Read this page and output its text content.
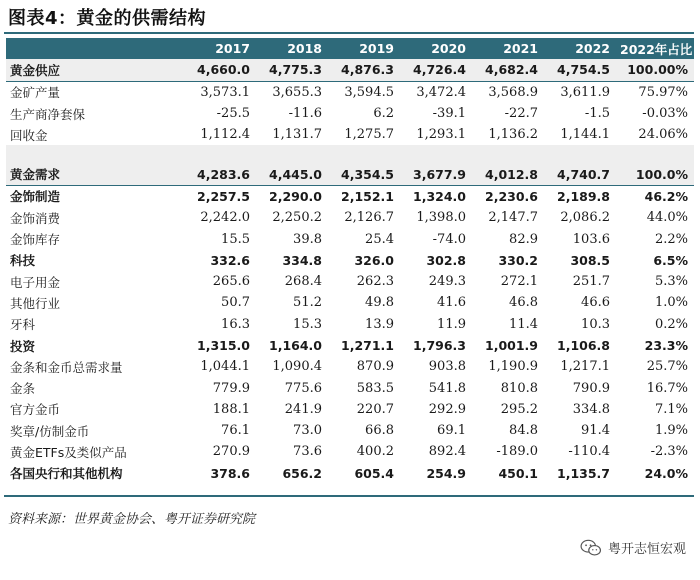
图表4：黄金的供需结构
	2017	2018	2019	2020	2021	2022	2022年占比
黄金供应	4,660.0	4,775.3	4,876.3	4,726.4	4,682.4	4,754.5	100.00%
金矿产量	3,573.1	3,655.3	3,594.5	3,472.4	3,568.9	3,611.9	75.97%
生产商净套保	-25.5	-11.6	6.2	-39.1	-22.7	-1.5	-0.03%
回收金	1,112.4	1,131.7	1,275.7	1,293.1	1,136.2	1,144.1	24.06%

黄金需求	4,283.6	4,445.0	4,354.5	3,677.9	4,012.8	4,740.7	100.0%
金饰制造	2,257.5	2,290.0	2,152.1	1,324.0	2,230.6	2,189.8	46.2%
金饰消费	2,242.0	2,250.2	2,126.7	1,398.0	2,147.7	2,086.2	44.0%
金饰库存	15.5	39.8	25.4	-74.0	82.9	103.6	2.2%
科技	332.6	334.8	326.0	302.8	330.2	308.5	6.5%
电子用金	265.6	268.4	262.3	249.3	272.1	251.7	5.3%
其他行业	50.7	51.2	49.8	41.6	46.8	46.6	1.0%
牙科	16.3	15.3	13.9	11.9	11.4	10.3	0.2%
投资	1,315.0	1,164.0	1,271.1	1,796.3	1,001.9	1,106.8	23.3%
金条和金币总需求量	1,044.1	1,090.4	870.9	903.8	1,190.9	1,217.1	25.7%
金条	779.9	775.6	583.5	541.8	810.8	790.9	16.7%
官方金币	188.1	241.9	220.7	292.9	295.2	334.8	7.1%
奖章/仿制金币	76.1	73.0	66.8	69.1	84.8	91.4	1.9%
黄金ETFs及类似产品	270.9	73.6	400.2	892.4	-189.0	-110.4	-2.3%
各国央行和其他机构	378.6	656.2	605.4	254.9	450.1	1,135.7	24.0%
资料来源：世界黄金协会、粤开证券研究院
粤开志恒宏观
